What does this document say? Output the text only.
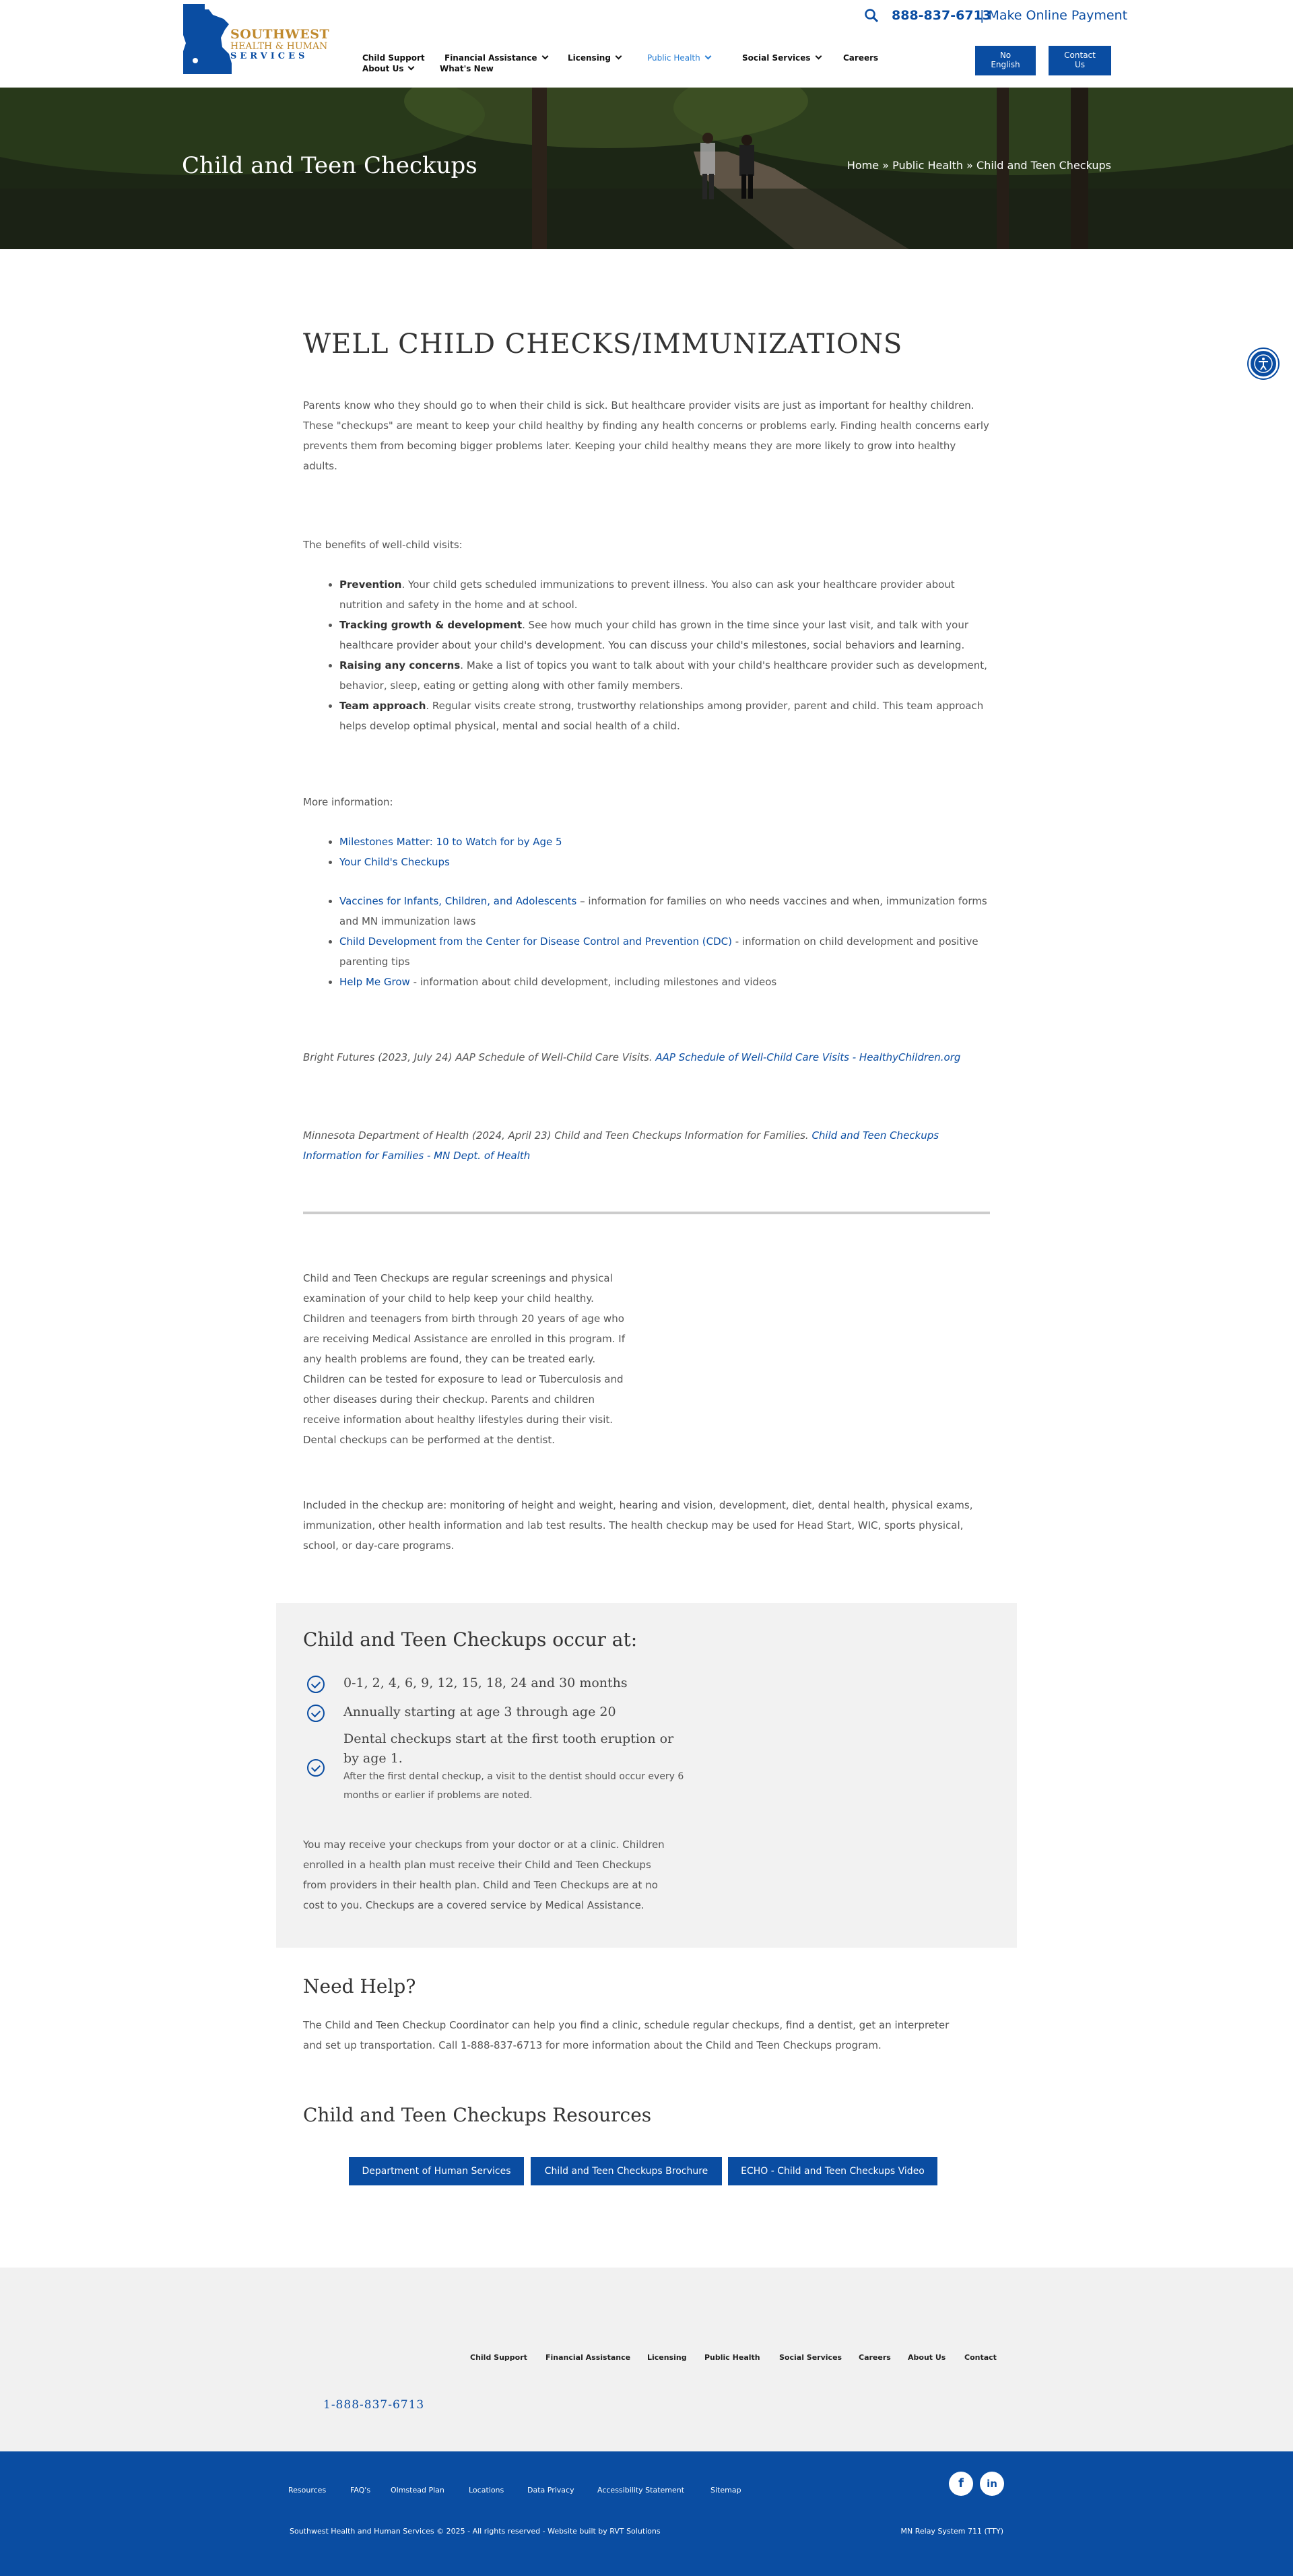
SOUTHWEST
HEALTH & HUMAN
SERVICES
888-837-6713
| Make Online Payment
Child Support
About Us
Financial Assistance
What's New
Licensing	Public Health	Social Services	Careers	No
English
Contact
Us
Child and Teen Checkups	Home » Public Health » Child and Teen Checkups
WELL CHILD CHECKS/IMMUNIZATIONS

Parents know who they should go to when their child is sick. But healthcare provider visits are just as important for healthy children. These "checkups" are meant to keep your child healthy by finding any health concerns or problems early. Finding health concerns early prevents them from becoming bigger problems later. Keeping your child healthy means they are more likely to grow into healthy adults.

The benefits of well-child visits:

• Prevention. Your child gets scheduled immunizations to prevent illness. You also can ask your healthcare provider about nutrition and safety in the home and at school.
• Tracking growth & development. See how much your child has grown in the time since your last visit, and talk with your healthcare provider about your child's development. You can discuss your child's milestones, social behaviors and learning.
• Raising any concerns. Make a list of topics you want to talk about with your child's healthcare provider such as development, behavior, sleep, eating or getting along with other family members.
• Team approach. Regular visits create strong, trustworthy relationships among provider, parent and child. This team approach helps develop optimal physical, mental and social health of a child.

More information:

• Milestones Matter: 10 to Watch for by Age 5
• Your Child's Checkups
• Vaccines for Infants, Children, and Adolescents – information for families on who needs vaccines and when, immunization forms and MN immunization laws
• Child Development from the Center for Disease Control and Prevention (CDC) - information on child development and positive parenting tips
• Help Me Grow - information about child development, including milestones and videos

Bright Futures (2023, July 24) AAP Schedule of Well-Child Care Visits. AAP Schedule of Well-Child Care Visits - HealthyChildren.org

Minnesota Department of Health (2024, April 23) Child and Teen Checkups Information for Families. Child and Teen Checkups Information for Families - MN Dept. of Health

Child and Teen Checkups are regular screenings and physical examination of your child to help keep your child healthy. Children and teenagers from birth through 20 years of age who are receiving Medical Assistance are enrolled in this program. If any health problems are found, they can be treated early. Children can be tested for exposure to lead or Tuberculosis and other diseases during their checkup. Parents and children receive information about healthy lifestyles during their visit. Dental checkups can be performed at the dentist.

Included in the checkup are: monitoring of height and weight, hearing and vision, development, diet, dental health, physical exams, immunization, other health information and lab test results. The health checkup may be used for Head Start, WIC, sports physical, school, or day-care programs.

Child and Teen Checkups occur at:
0-1, 2, 4, 6, 9, 12, 15, 18, 24 and 30 months
Annually starting at age 3 through age 20
Dental checkups start at the first tooth eruption or by age 1.
After the first dental checkup, a visit to the dentist should occur every 6 months or earlier if problems are noted.

You may receive your checkups from your doctor or at a clinic. Children enrolled in a health plan must receive their Child and Teen Checkups from providers in their health plan. Child and Teen Checkups are at no cost to you. Checkups are a covered service by Medical Assistance.

Need Help?

The Child and Teen Checkup Coordinator can help you find a clinic, schedule regular checkups, find a dentist, get an interpreter and set up transportation. Call 1-888-837-6713 for more information about the Child and Teen Checkups program.

Child and Teen Checkups Resources
Department of Human Services	Child and Teen Checkups Brochure	ECHO - Child and Teen Checkups Video
Child Support Financial Assistance Licensing Public Health	Social Services Careers About Us	Contact
1-888-837-6713
Resources	FAQ's	Olmstead Plan	Locations	Data Privacy	Accessibility Statement	Sitemap	f	in
Southwest Health and Human Services © 2025 - All rights reserved - Website built by RVT Solutions	MN Relay System 711 (TTY)
